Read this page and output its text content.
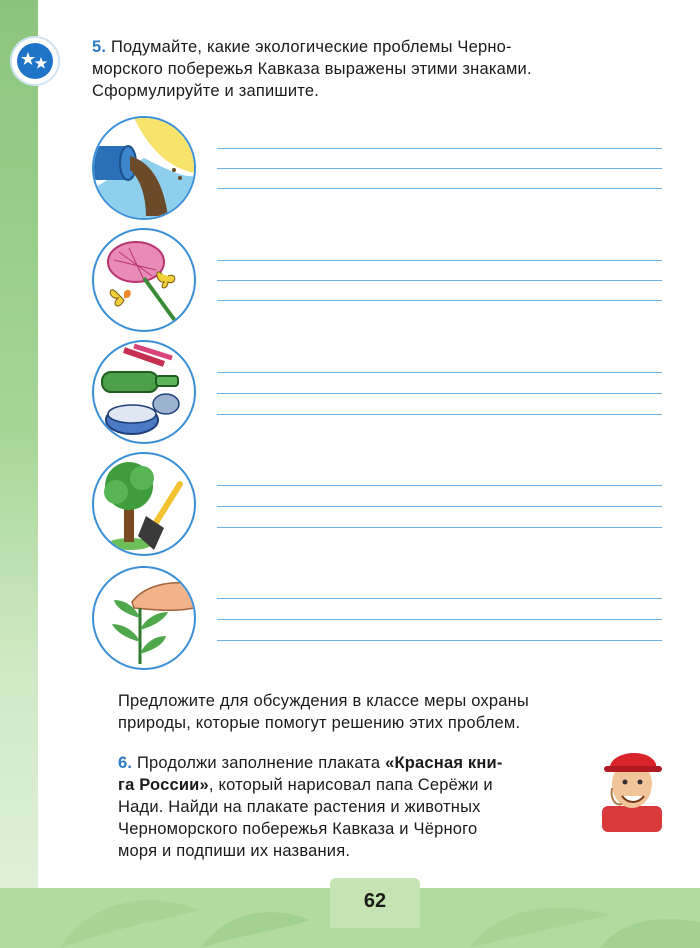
5. Подумайте, какие экологические проблемы Черно-
морского побережья Кавказа выражены этими знаками.
Сформулируйте и запишите.
Предложите для обсуждения в классе меры охраны
природы, которые помогут решению этих проблем.
6. Продолжи заполнение плаката «Красная кни-
га России», который нарисовал папа Серёжи и
Нади. Найди на плакате растения и животных
Черноморского побережья Кавказа и Чёрного
моря и подпиши их названия.
62
